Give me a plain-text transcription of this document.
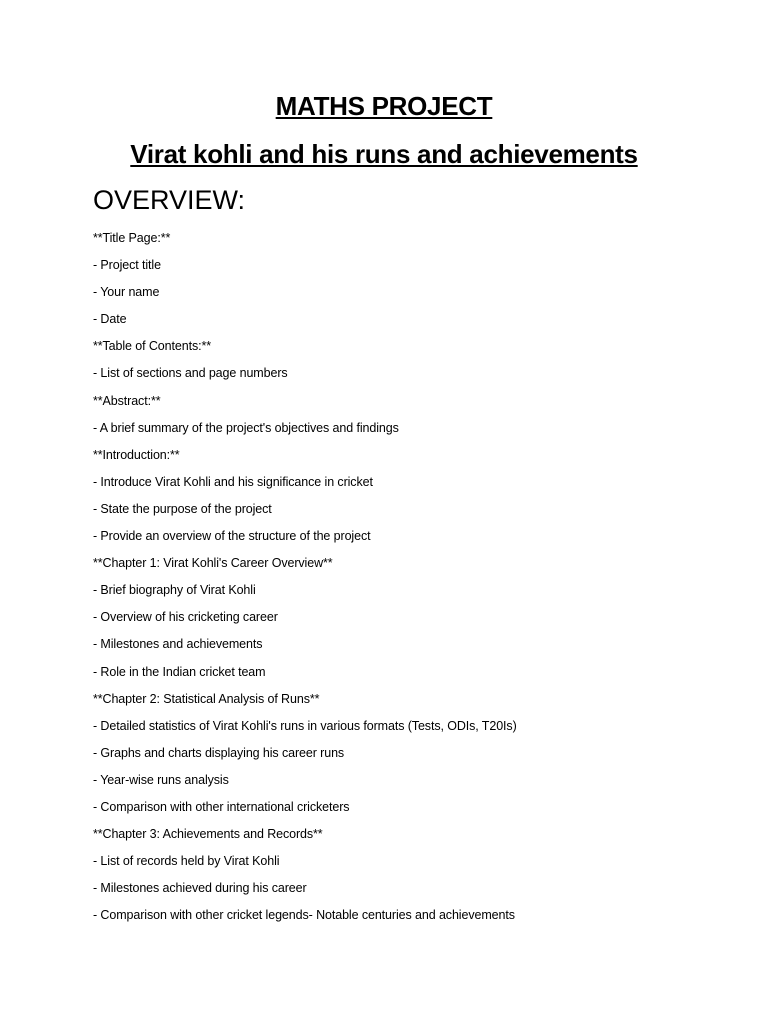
MATHS PROJECT
Virat kohli and his runs and achievements
OVERVIEW:
**Title Page:**
- Project title
- Your name
- Date
**Table of Contents:**
- List of sections and page numbers
**Abstract:**
- A brief summary of the project's objectives and findings
**Introduction:**
- Introduce Virat Kohli and his significance in cricket
- State the purpose of the project
- Provide an overview of the structure of the project
**Chapter 1: Virat Kohli's Career Overview**
- Brief biography of Virat Kohli
- Overview of his cricketing career
- Milestones and achievements
- Role in the Indian cricket team
**Chapter 2: Statistical Analysis of Runs**
- Detailed statistics of Virat Kohli's runs in various formats (Tests, ODIs, T20Is)
- Graphs and charts displaying his career runs
- Year-wise runs analysis
- Comparison with other international cricketers
**Chapter 3: Achievements and Records**
- List of records held by Virat Kohli
- Milestones achieved during his career
- Comparison with other cricket legends- Notable centuries and achievements
